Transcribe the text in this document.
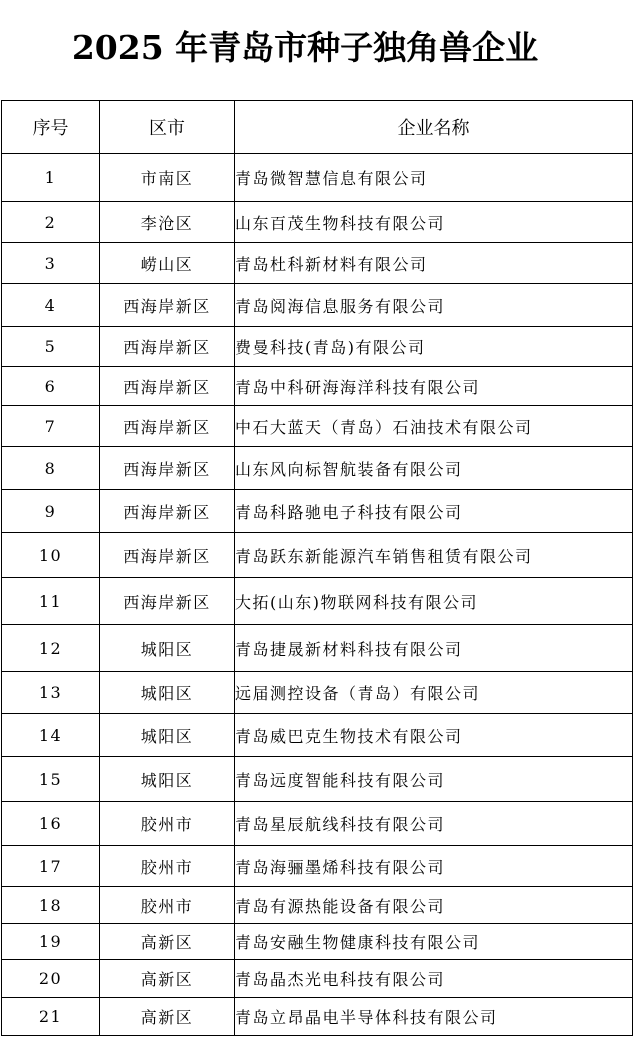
2025 年青岛市种子独角兽企业
序号	区市	企业名称
1	市南区	青岛微智慧信息有限公司
2	李沧区	山东百茂生物科技有限公司
3	崂山区	青岛杜科新材料有限公司
4	西海岸新区	青岛阅海信息服务有限公司
5	西海岸新区	费曼科技(青岛)有限公司
6	西海岸新区	青岛中科研海海洋科技有限公司
7	西海岸新区	中石大蓝天（青岛）石油技术有限公司
8	西海岸新区	山东风向标智航装备有限公司
9	西海岸新区	青岛科路驰电子科技有限公司
10	西海岸新区	青岛跃东新能源汽车销售租赁有限公司
11	西海岸新区	大拓(山东)物联网科技有限公司
12	城阳区	青岛捷晟新材料科技有限公司
13	城阳区	远届测控设备（青岛）有限公司
14	城阳区	青岛威巴克生物技术有限公司
15	城阳区	青岛远度智能科技有限公司
16	胶州市	青岛星辰航线科技有限公司
17	胶州市	青岛海骊墨烯科技有限公司
18	胶州市	青岛有源热能设备有限公司
19	高新区	青岛安融生物健康科技有限公司
20	高新区	青岛晶杰光电科技有限公司
21	高新区	青岛立昂晶电半导体科技有限公司
